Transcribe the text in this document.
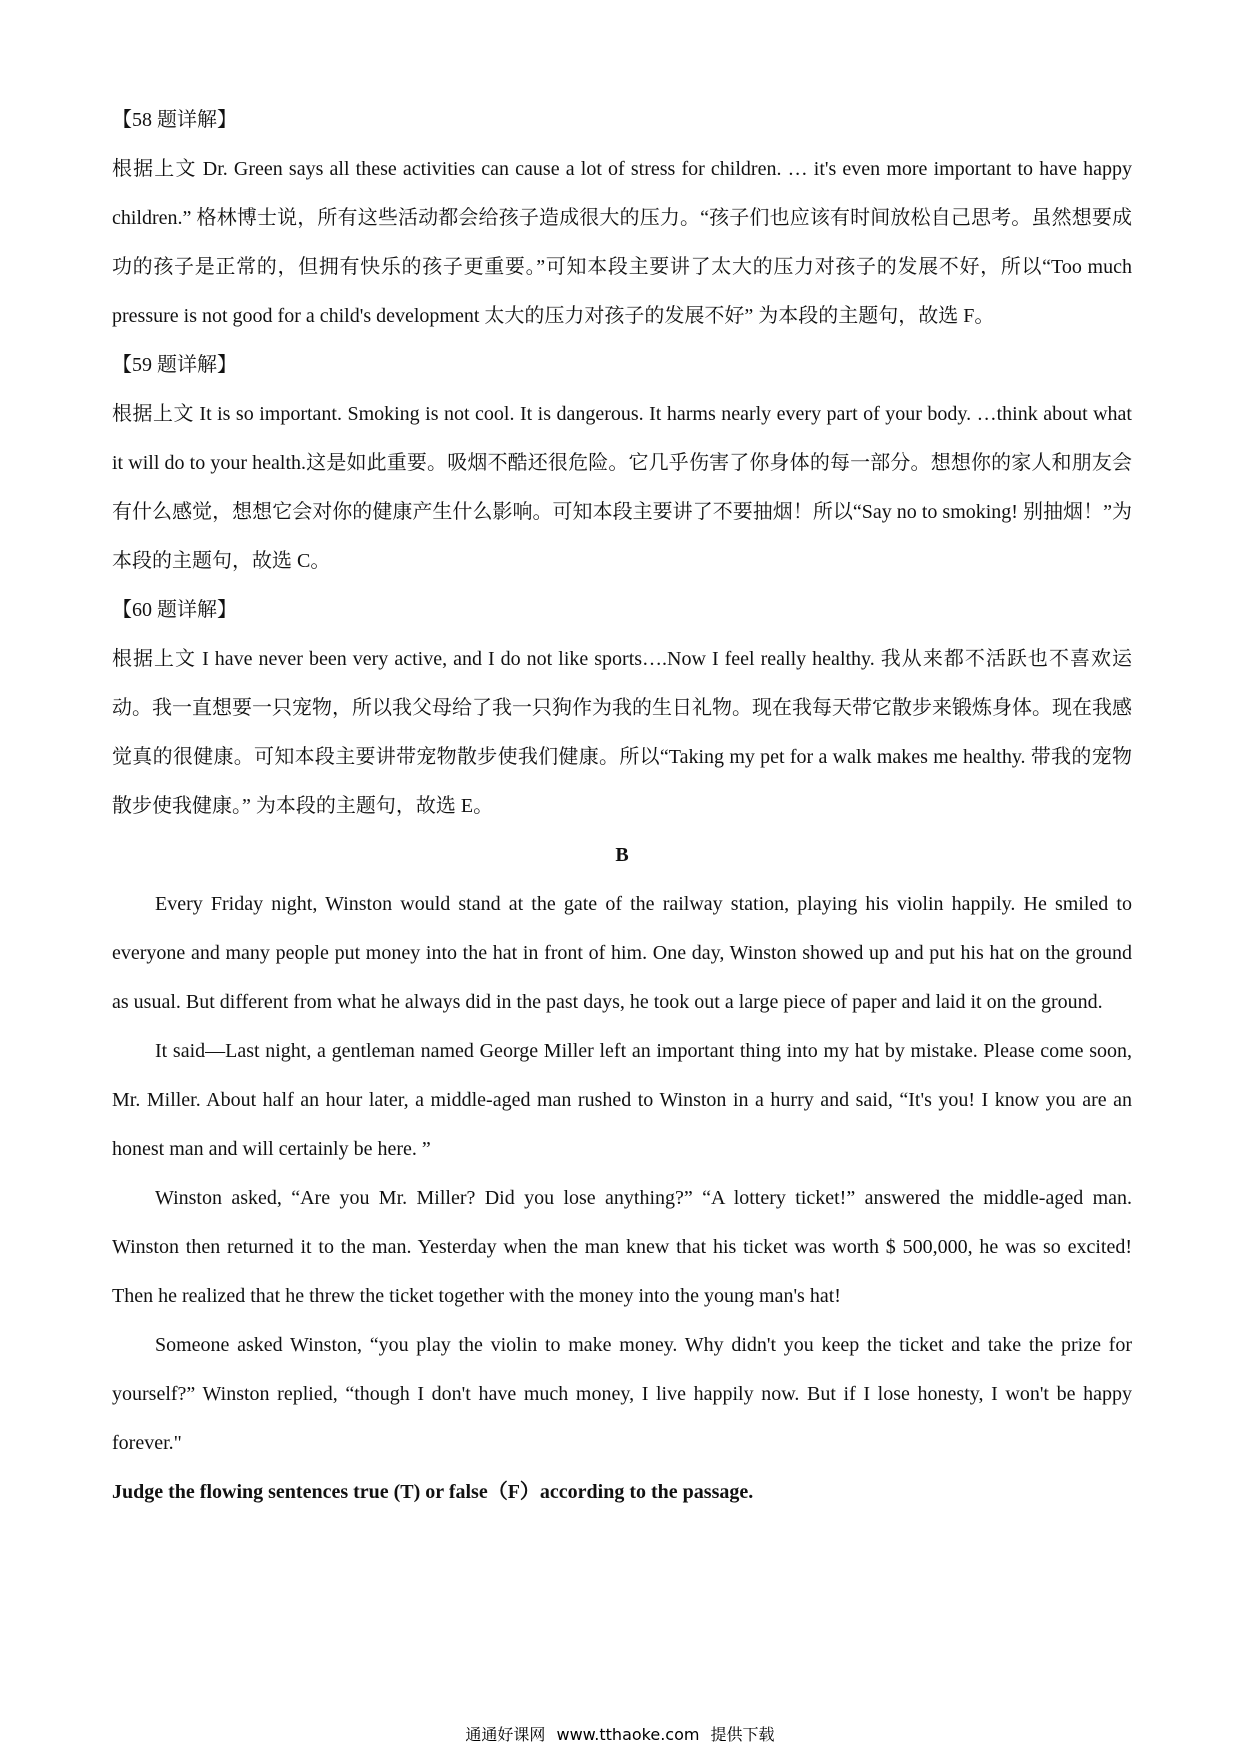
【58 题详解】

根据上文 Dr. Green says all these activities can cause a lot of stress for children. … it's even more important to have happy children.” 格林博士说，所有这些活动都会给孩子造成很大的压力。“孩子们也应该有时间放松自己思考。虽然想要成功的孩子是正常的，但拥有快乐的孩子更重要。”可知本段主要讲了太大的压力对孩子的发展不好，所以“Too much pressure is not good for a child's development 太大的压力对孩子的发展不好” 为本段的主题句，故选 F。

【59 题详解】

根据上文 It is so important. Smoking is not cool. It is dangerous. It harms nearly every part of your body. …think about what it will do to your health.这是如此重要。吸烟不酷还很危险。它几乎伤害了你身体的每一部分。想想你的家人和朋友会有什么感觉，想想它会对你的健康产生什么影响。可知本段主要讲了不要抽烟！所以“Say no to smoking! 别抽烟！”为本段的主题句，故选 C。

【60 题详解】

根据上文 I have never been very active, and I do not like sports….Now I feel really healthy. 我从来都不活跃也不喜欢运动。我一直想要一只宠物，所以我父母给了我一只狗作为我的生日礼物。现在我每天带它散步来锻炼身体。现在我感觉真的很健康。可知本段主要讲带宠物散步使我们健康。所以“Taking my pet for a walk makes me healthy. 带我的宠物散步使我健康。” 为本段的主题句，故选 E。

B

Every Friday night, Winston would stand at the gate of the railway station, playing his violin happily. He smiled to everyone and many people put money into the hat in front of him. One day, Winston showed up and put his hat on the ground as usual. But different from what he always did in the past days, he took out a large piece of paper and laid it on the ground.

It said—Last night, a gentleman named George Miller left an important thing into my hat by mistake. Please come soon, Mr. Miller. About half an hour later, a middle-aged man rushed to Winston in a hurry and said, “It's you! I know you are an honest man and will certainly be here. ”

Winston asked, “Are you Mr. Miller? Did you lose anything?” “A lottery ticket!” answered the middle-aged man. Winston then returned it to the man. Yesterday when the man knew that his ticket was worth $ 500,000, he was so excited! Then he realized that he threw the ticket together with the money into the young man's hat!

Someone asked Winston, “you play the violin to make money. Why didn't you keep the ticket and take the prize for yourself?” Winston replied, “though I don't have much money, I live happily now. But if I lose honesty, I won't be happy forever."

Judge the flowing sentences true (T) or false（F）according to the passage.

通通好课网 www.tthaoke.com 提供下载
